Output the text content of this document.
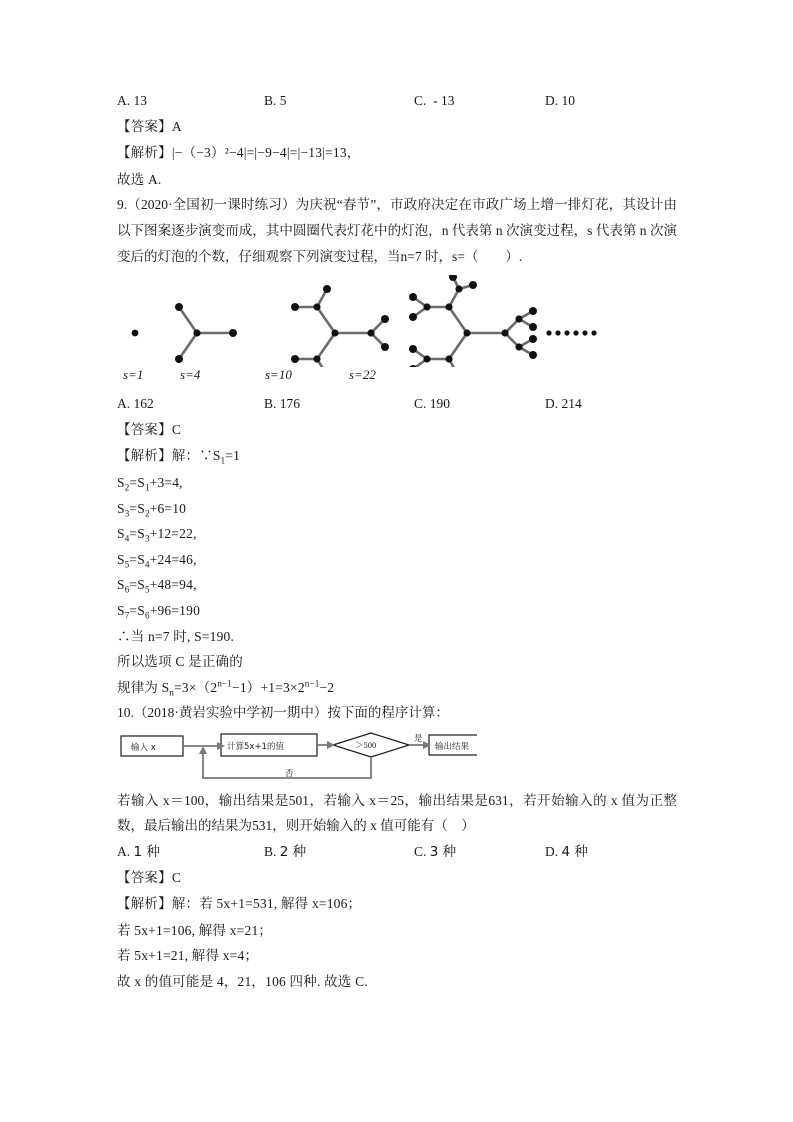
A. 13	B. 5	C.  - 13	D. 10
【答案】A
【解析】|−（−3）²−4|=|−9−4|=|−13|=13，
故选 A.
9.（2020·全国初一课时练习）为庆祝“春节”，市政府决定在市政广场上增一排灯花，其设计由以下图案逐步演变而成，其中圆圈代表灯花中的灯泡，n 代表第 n 次演变过程，s 代表第 n 次演变后的灯泡的个数，仔细观察下列演变过程，当n=7 时，s=（　　）.
s=1	s=4	s=10	s=22
A. 162	B. 176	C. 190	D. 214
【答案】C
【解析】解：$\because S_1=1$
$S_2=S_1+3=4$,
$S_3=S_2+6=10$
$S_4=S_3+12=22$,
$S_5=S_4+24=46$,
$S_6=S_5+48=94$,
$S_7=S_6+96=190$
∴当 n=7 时, S=190.
所以选项 C 是正确的
规律为 $S_n=3\times(2^{n-1}-1)+1=3\times 2^{n-1}-2$
10.（2018·黄岩实验中学初一期中）按下面的程序计算：
输入 x	计算5x+1的值	＞500
是
输出结果
否
若输入 x＝100，输出结果是501，若输入 x＝25，输出结果是631，若开始输入的 x 值为正整数，最后输出的结果为531，则开始输入的 x 值可能有（　）
A. 1 种	B. 2 种	C. 3 种	D. 4 种
【答案】C
【解析】解：若 5x+1=531, 解得 x=106；
若 5x+1=106, 解得 x=21；
若 5x+1=21, 解得 x=4；
故 x 的值可能是 4，21，106 四种. 故选 C.
